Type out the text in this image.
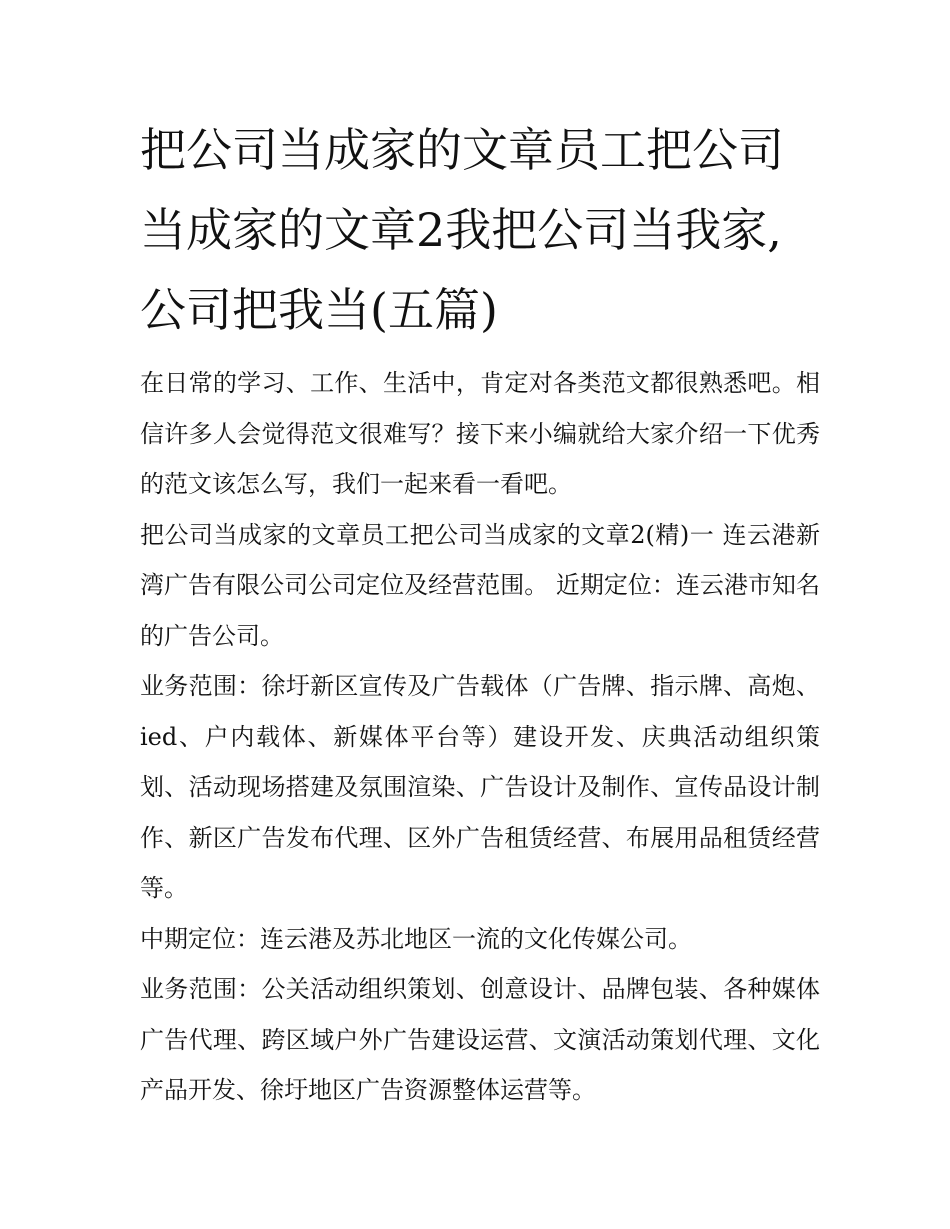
把公司当成家的文章员工把公司当成家的文章2我把公司当我家,公司把我当(五篇)

在日常的学习、工作、生活中，肯定对各类范文都很熟悉吧。相信许多人会觉得范文很难写？接下来小编就给大家介绍一下优秀的范文该怎么写，我们一起来看一看吧。

把公司当成家的文章员工把公司当成家的文章2(精)一 连云港新湾广告有限公司公司定位及经营范围。 近期定位：连云港市知名的广告公司。

业务范围：徐圩新区宣传及广告载体（广告牌、指示牌、高炮、ied、户内载体、新媒体平台等）建设开发、庆典活动组织策划、活动现场搭建及氛围渲染、广告设计及制作、宣传品设计制作、新区广告发布代理、区外广告租赁经营、布展用品租赁经营等。

中期定位：连云港及苏北地区一流的文化传媒公司。

业务范围：公关活动组织策划、创意设计、品牌包装、各种媒体广告代理、跨区域户外广告建设运营、文演活动策划代理、文化产品开发、徐圩地区广告资源整体运营等。
